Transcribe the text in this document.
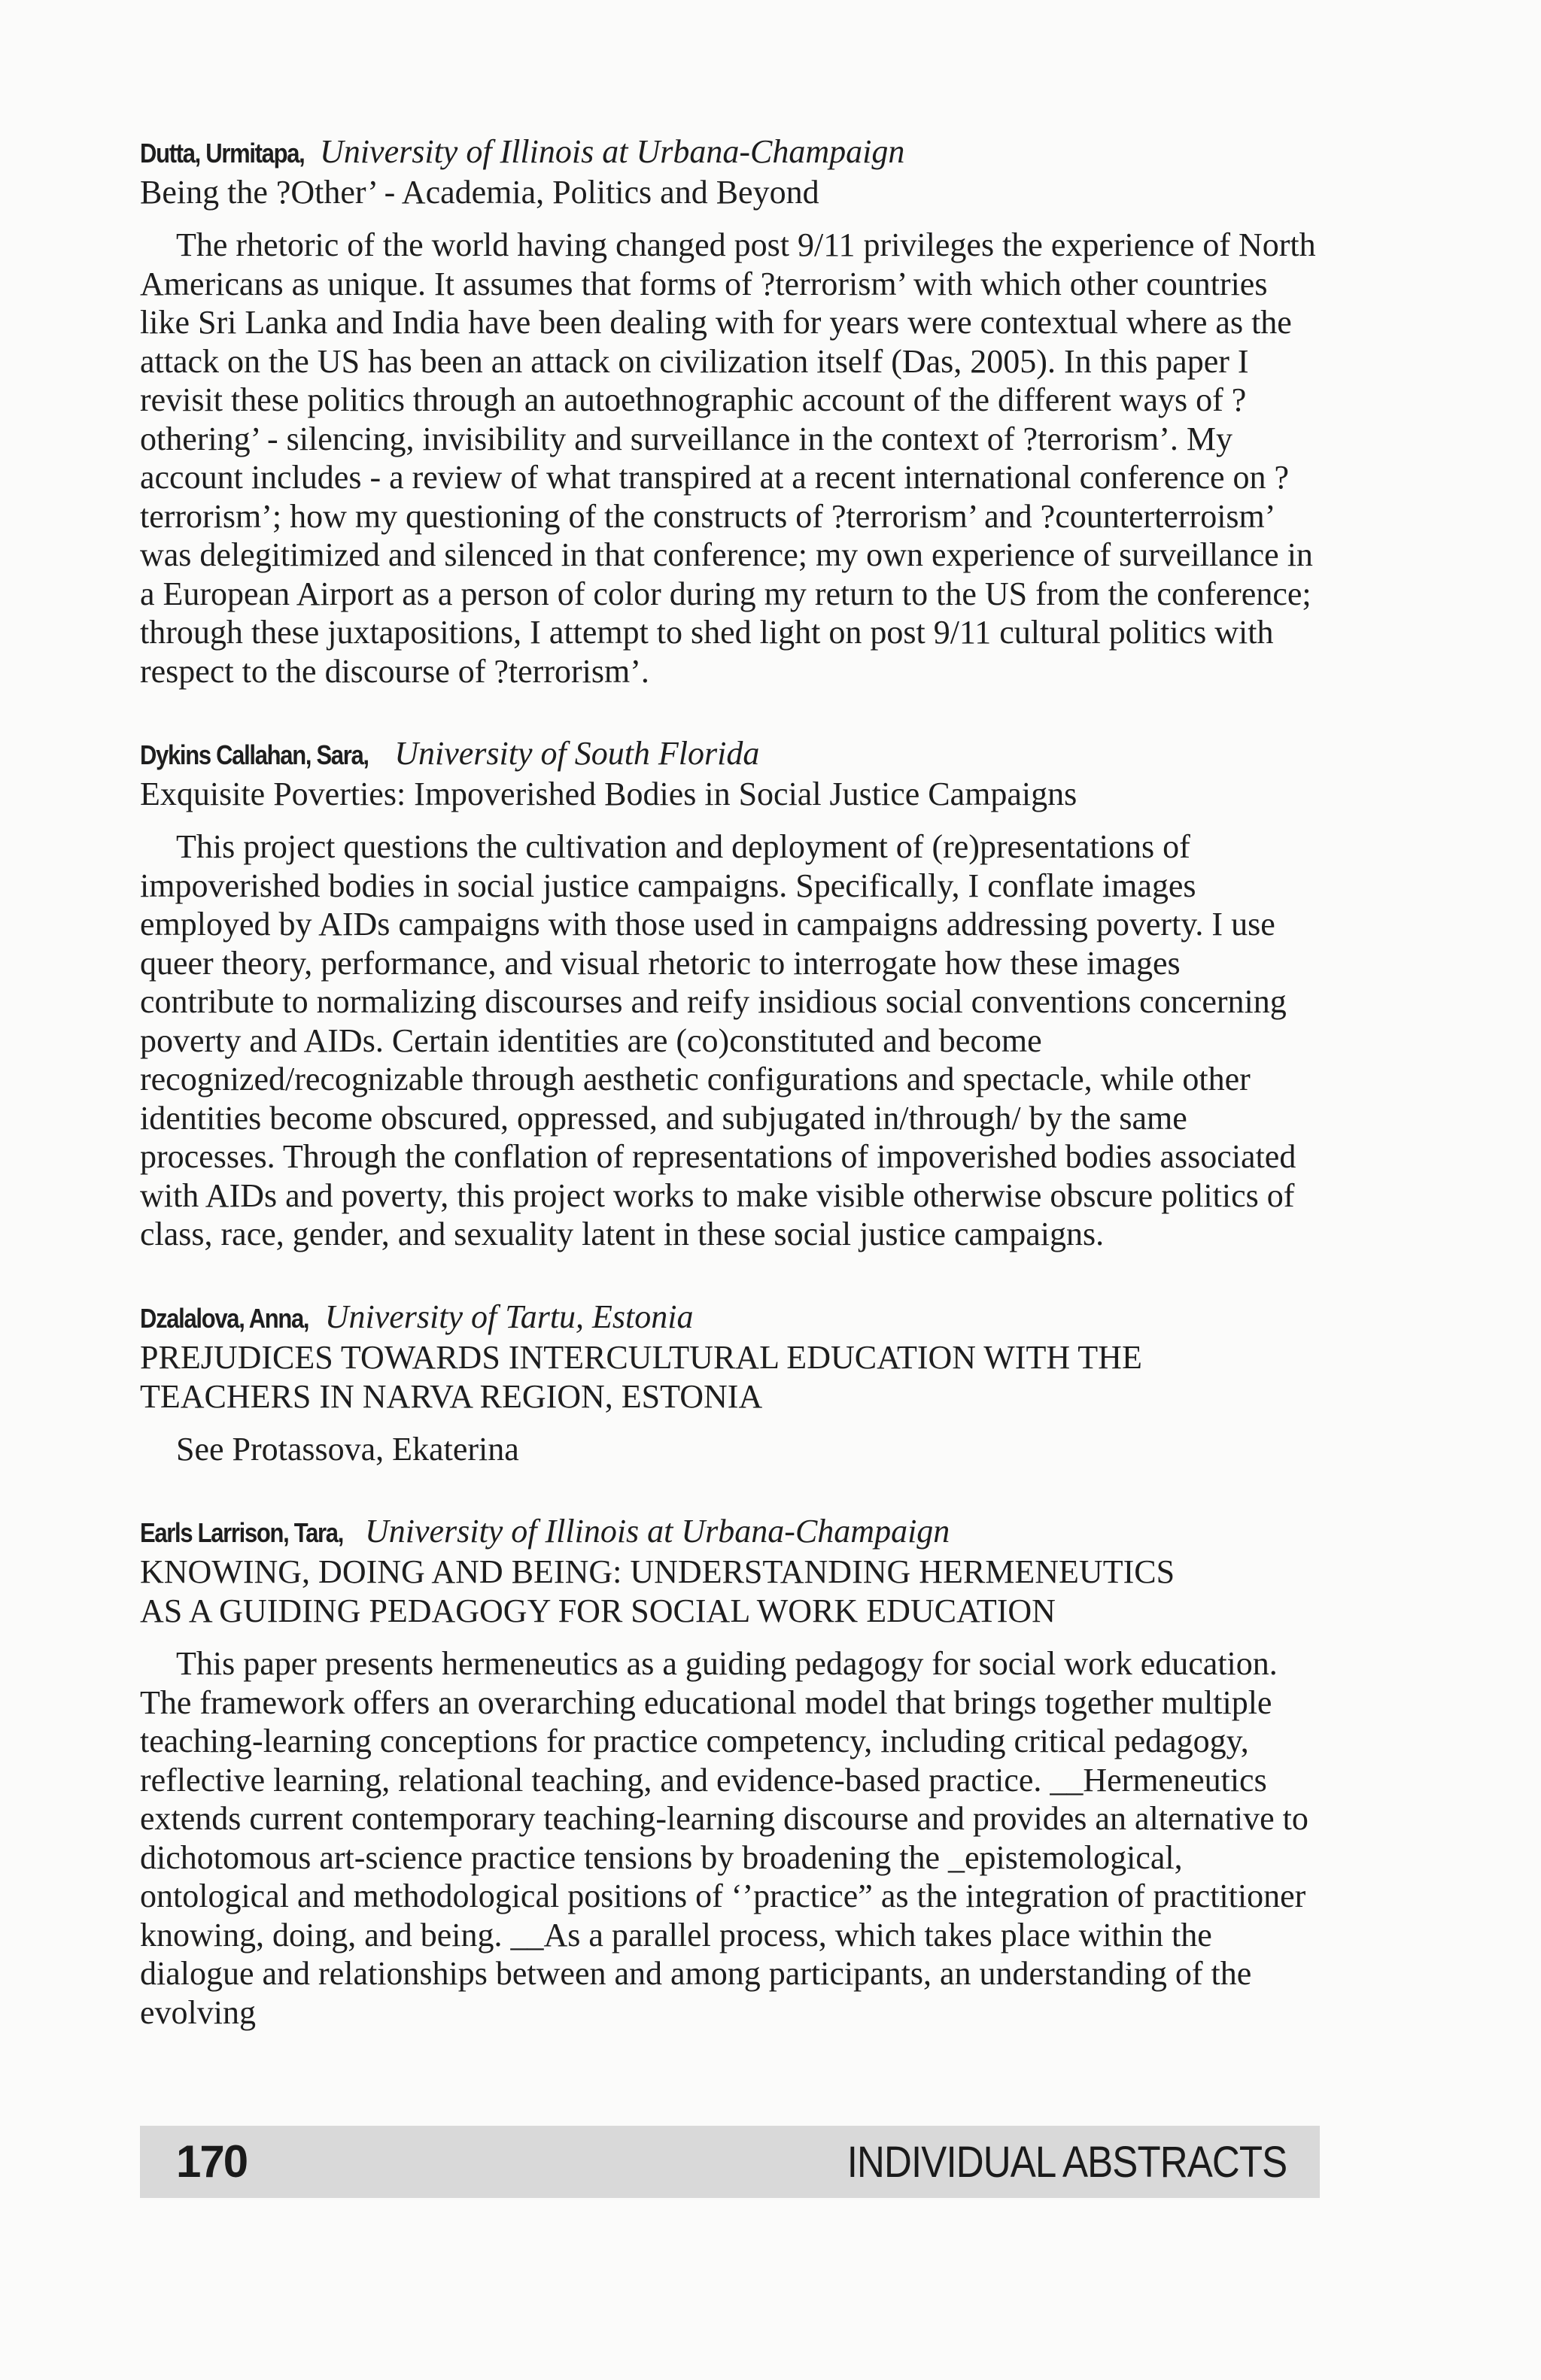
Dutta, Urmitapa, University of Illinois at Urbana-Champaign

Being the ?Other’ - Academia, Politics and Beyond

The rhetoric of the world having changed post 9/11 privileges the experience of North Americans as unique. It assumes that forms of ?terrorism’ with which other countries like Sri Lanka and India have been dealing with for years were contextual where as the attack on the US has been an attack on civilization itself (Das, 2005). In this paper I revisit these politics through an autoethnographic account of the different ways of ?othering’ - silencing, invisibility and surveillance in the context of ?terrorism’. My account includes - a review of what transpired at a recent international conference on ?terrorism’; how my questioning of the constructs of ?terrorism’ and ?counterterroism’ was delegitimized and silenced in that conference; my own experience of surveillance in a European Airport as a person of color during my return to the US from the conference; through these juxtapositions, I attempt to shed light on post 9/11 cultural politics with respect to the discourse of ?terrorism’.

Dykins Callahan, Sara, University of South Florida

Exquisite Poverties: Impoverished Bodies in Social Justice Campaigns

This project questions the cultivation and deployment of (re)presentations of impoverished bodies in social justice campaigns. Specifically, I conflate images employed by AIDs campaigns with those used in campaigns addressing poverty. I use queer theory, performance, and visual rhetoric to interrogate how these images contribute to normalizing discourses and reify insidious social conventions concerning poverty and AIDs. Certain identities are (co)constituted and become recognized/recognizable through aesthetic configurations and spectacle, while other identities become obscured, oppressed, and subjugated in/through/ by the same processes. Through the conflation of representations of impoverished bodies associated with AIDs and poverty, this project works to make visible otherwise obscure politics of class, race, gender, and sexuality latent in these social justice campaigns.

Dzalalova, Anna, University of Tartu, Estonia

PREJUDICES TOWARDS INTERCULTURAL EDUCATION WITH THE

TEACHERS IN NARVA REGION, ESTONIA

See Protassova, Ekaterina

Earls Larrison, Tara, University of Illinois at Urbana-Champaign

KNOWING, DOING AND BEING: UNDERSTANDING HERMENEUTICS

AS A GUIDING PEDAGOGY FOR SOCIAL WORK EDUCATION

This paper presents hermeneutics as a guiding pedagogy for social work education. The framework offers an overarching educational model that brings together multiple teaching-learning conceptions for practice competency, including critical pedagogy, reflective learning, relational teaching, and evidence-based practice. __Hermeneutics extends current contemporary teaching-learning discourse and provides an alternative to dichotomous art-science practice tensions by broadening the _epistemological, ontological and methodological positions of ‘’practice” as the integration of practitioner knowing, doing, and being. __As a parallel process, which takes place within the dialogue and relationships between and among participants, an understanding of the evolving

170	INDIVIDUAL ABSTRACTS
